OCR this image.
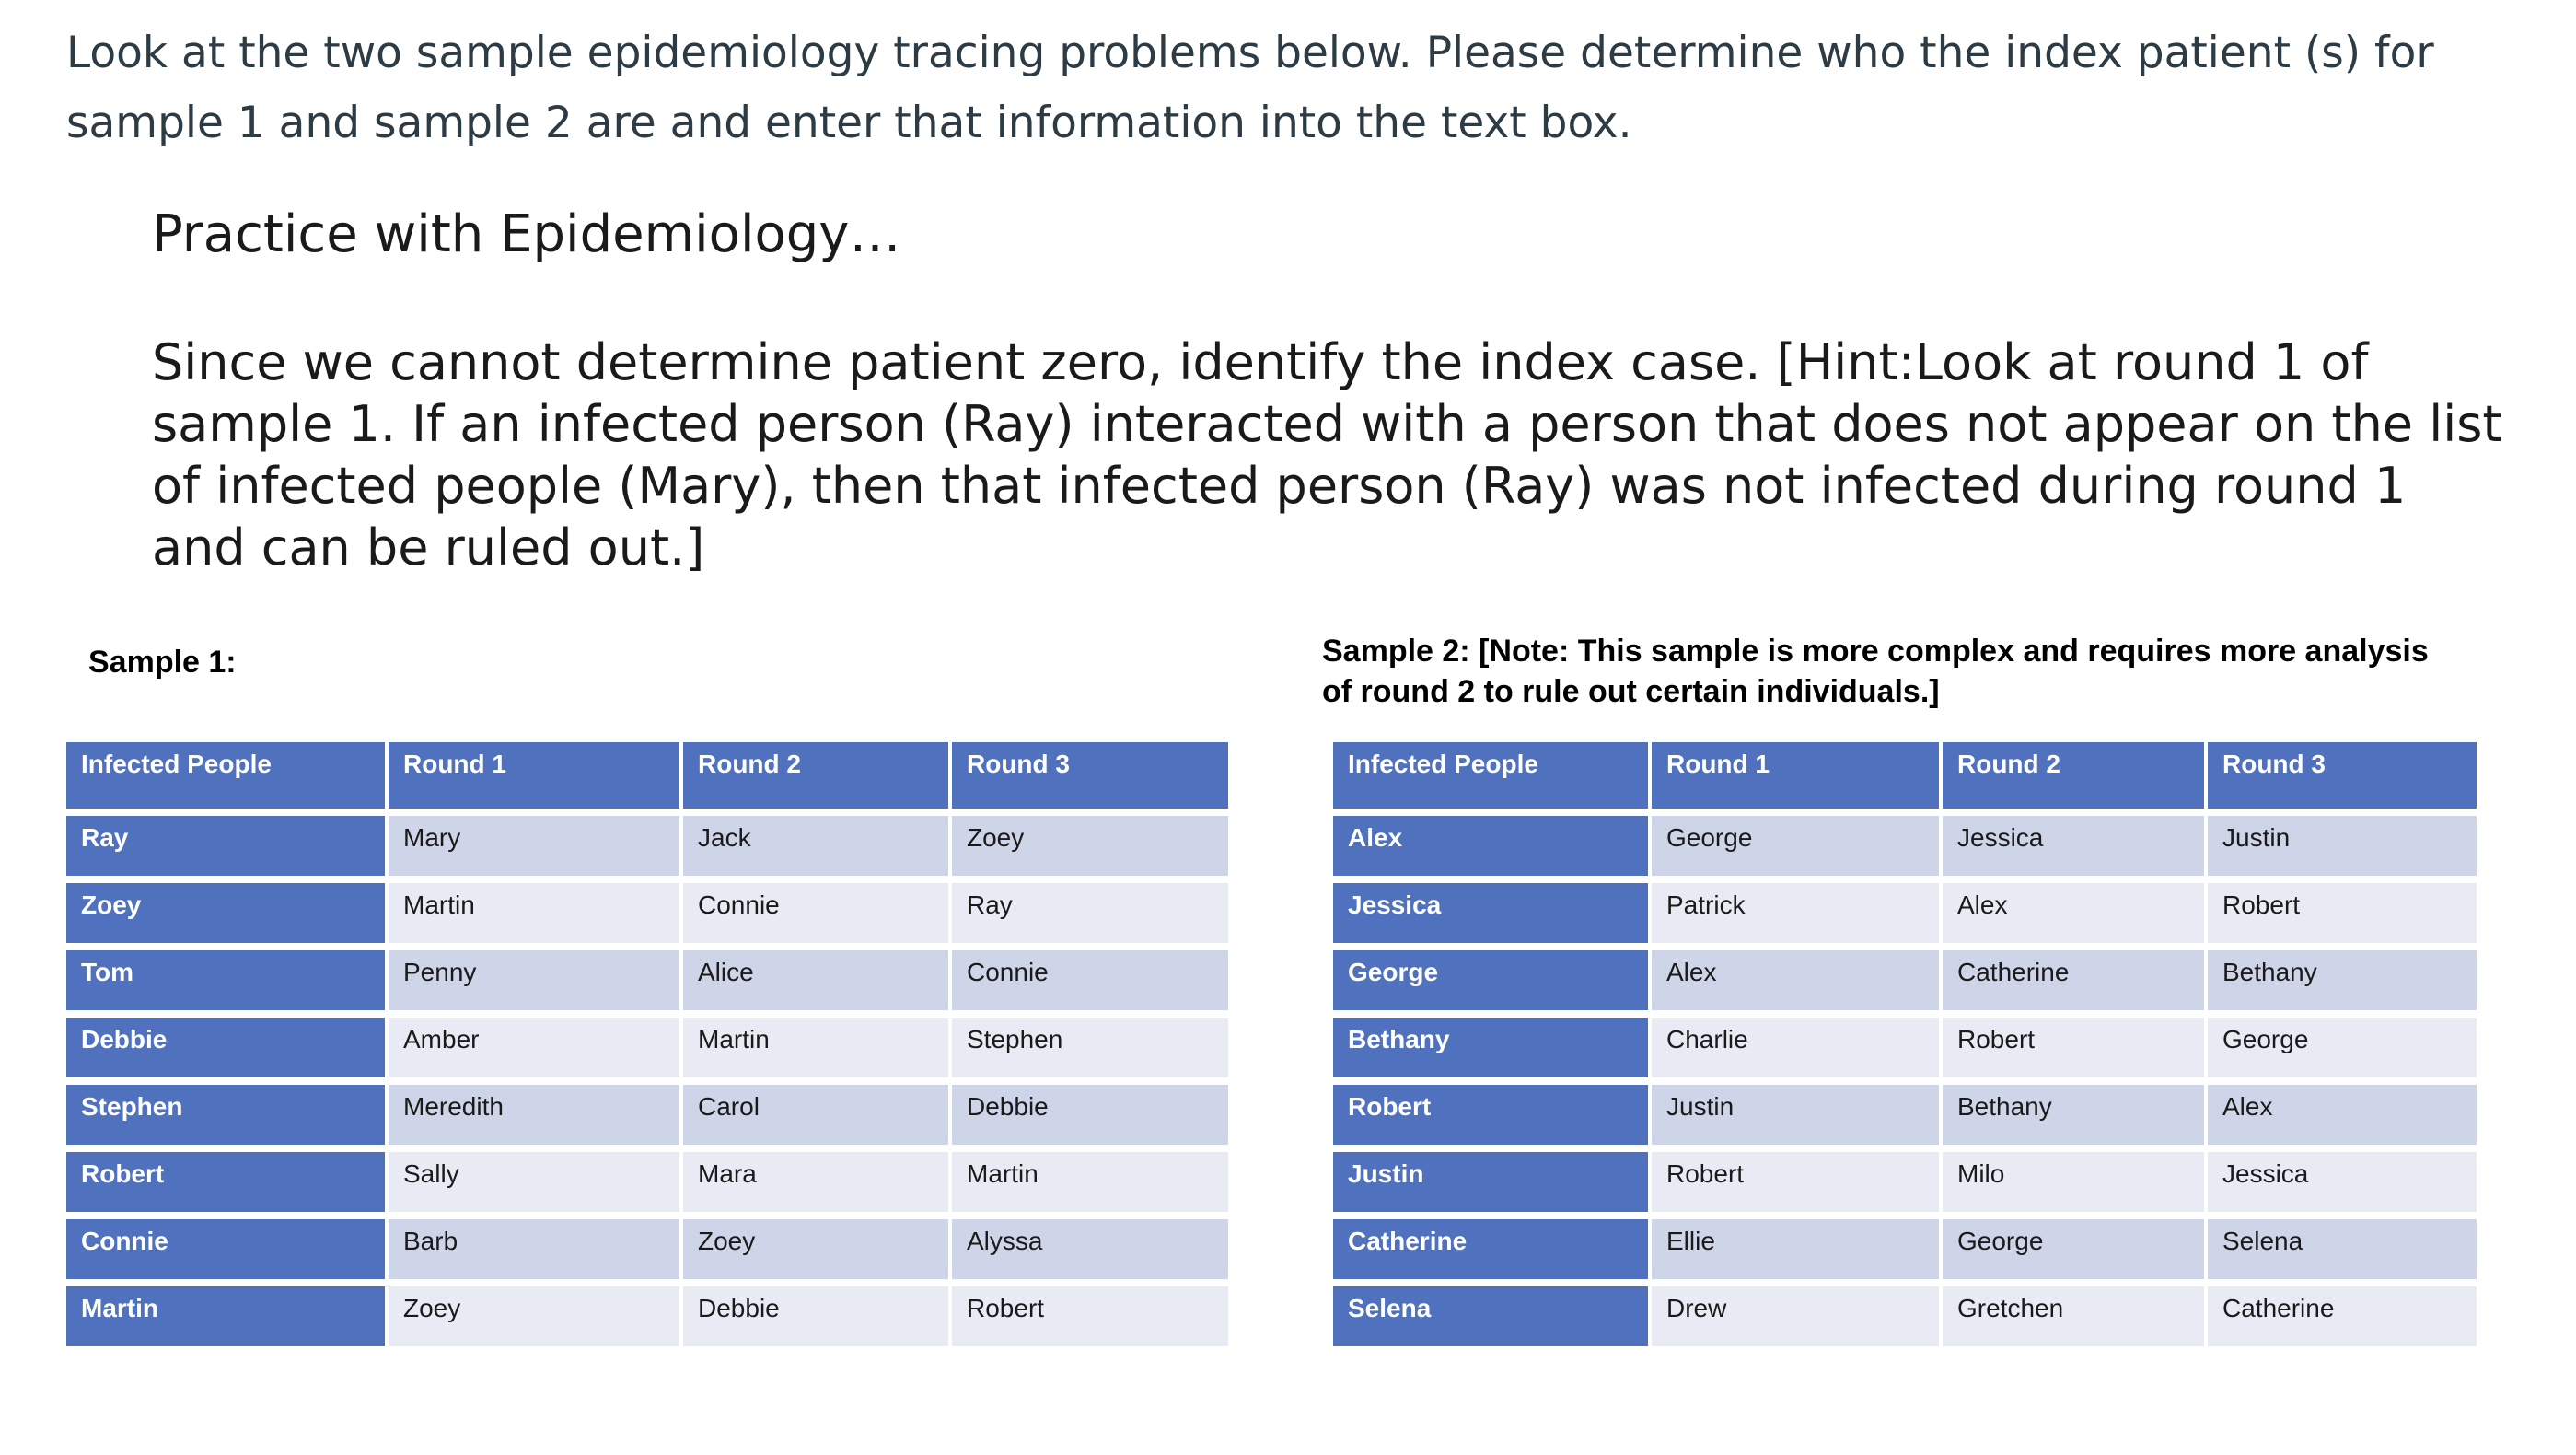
Look at the two sample epidemiology tracing problems below. Please determine who the index patient (s) for sample 1 and sample 2 are and enter that information into the text box.

Practice with Epidemiology…

Since we cannot determine patient zero, identify the index case. [Hint:Look at round 1 of sample 1. If an infected person (Ray) interacted with a person that does not appear on the list of infected people (Mary), then that infected person (Ray) was not infected during round 1 and can be ruled out.]

Sample 1:	Sample 2: [Note: This sample is more complex and requires more analysis of round 2 to rule out certain individuals.]
Infected People	Round 1	Round 2	Round 3
Ray	Mary	Jack	Zoey
Zoey	Martin	Connie	Ray
Tom	Penny	Alice	Connie
Debbie	Amber	Martin	Stephen
Stephen	Meredith	Carol	Debbie
Robert	Sally	Mara	Martin
Connie	Barb	Zoey	Alyssa
Martin	Zoey	Debbie	Robert
Infected People	Round 1	Round 2	Round 3
Alex	George	Jessica	Justin
Jessica	Patrick	Alex	Robert
George	Alex	Catherine	Bethany
Bethany	Charlie	Robert	George
Robert	Justin	Bethany	Alex
Justin	Robert	Milo	Jessica
Catherine	Ellie	George	Selena
Selena	Drew	Gretchen	Catherine
